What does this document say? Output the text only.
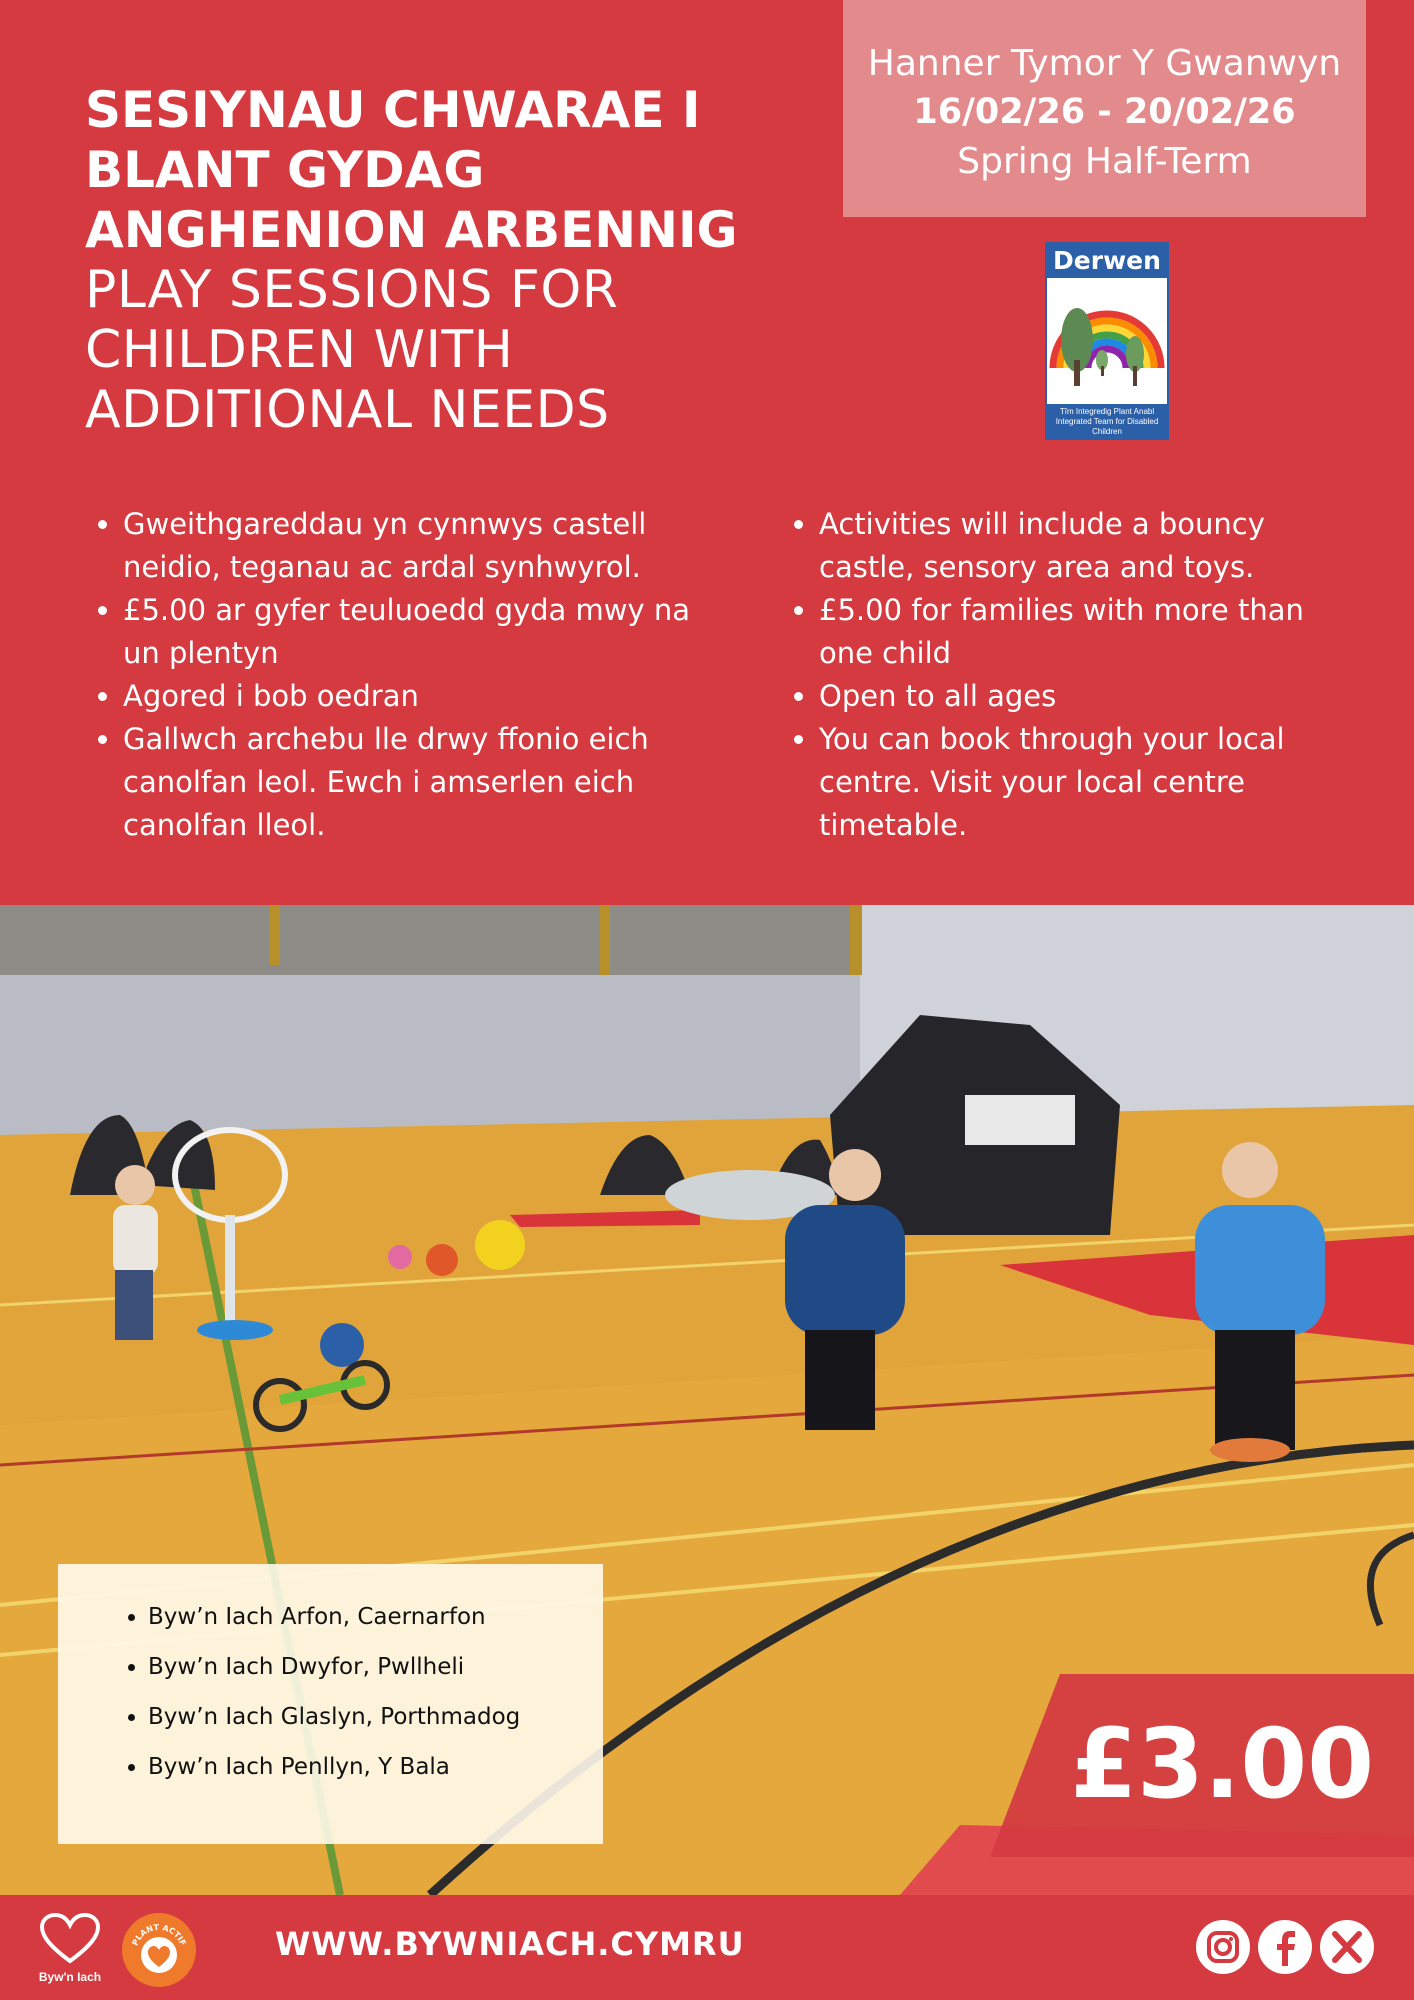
SESIYNAU CHWARAE I
BLANT GYDAG
ANGHENION ARBENNIG
PLAY SESSIONS FOR
CHILDREN WITH
ADDITIONAL NEEDS
Hanner Tymor Y Gwanwyn
16/02/26 - 20/02/26
Spring Half-Term
Derwen
Tîm Integredig Plant Anabl
Integrated Team for Disabled Children
• Gweithgareddau yn cynnwys castell neidio, teganau ac ardal synhwyrol.
• £5.00 ar gyfer teuluoedd gyda mwy na un plentyn
• Agored i bob oedran
• Gallwch archebu lle drwy ffonio eich canolfan leol. Ewch i amserlen eich canolfan lleol.
• Activities will include a bouncy castle, sensory area and toys.
• £5.00 for families with more than one child
• Open to all ages
• You can book through your local centre. Visit your local centre timetable.
• Byw’n Iach Arfon, Caernarfon
• Byw’n Iach Dwyfor, Pwllheli
• Byw’n Iach Glaslyn, Porthmadog
• Byw’n Iach Penllyn, Y Bala	£3.00
Byw'n Iach
PLANT ACTIF	WWW.BYWNIACH.CYMRU
